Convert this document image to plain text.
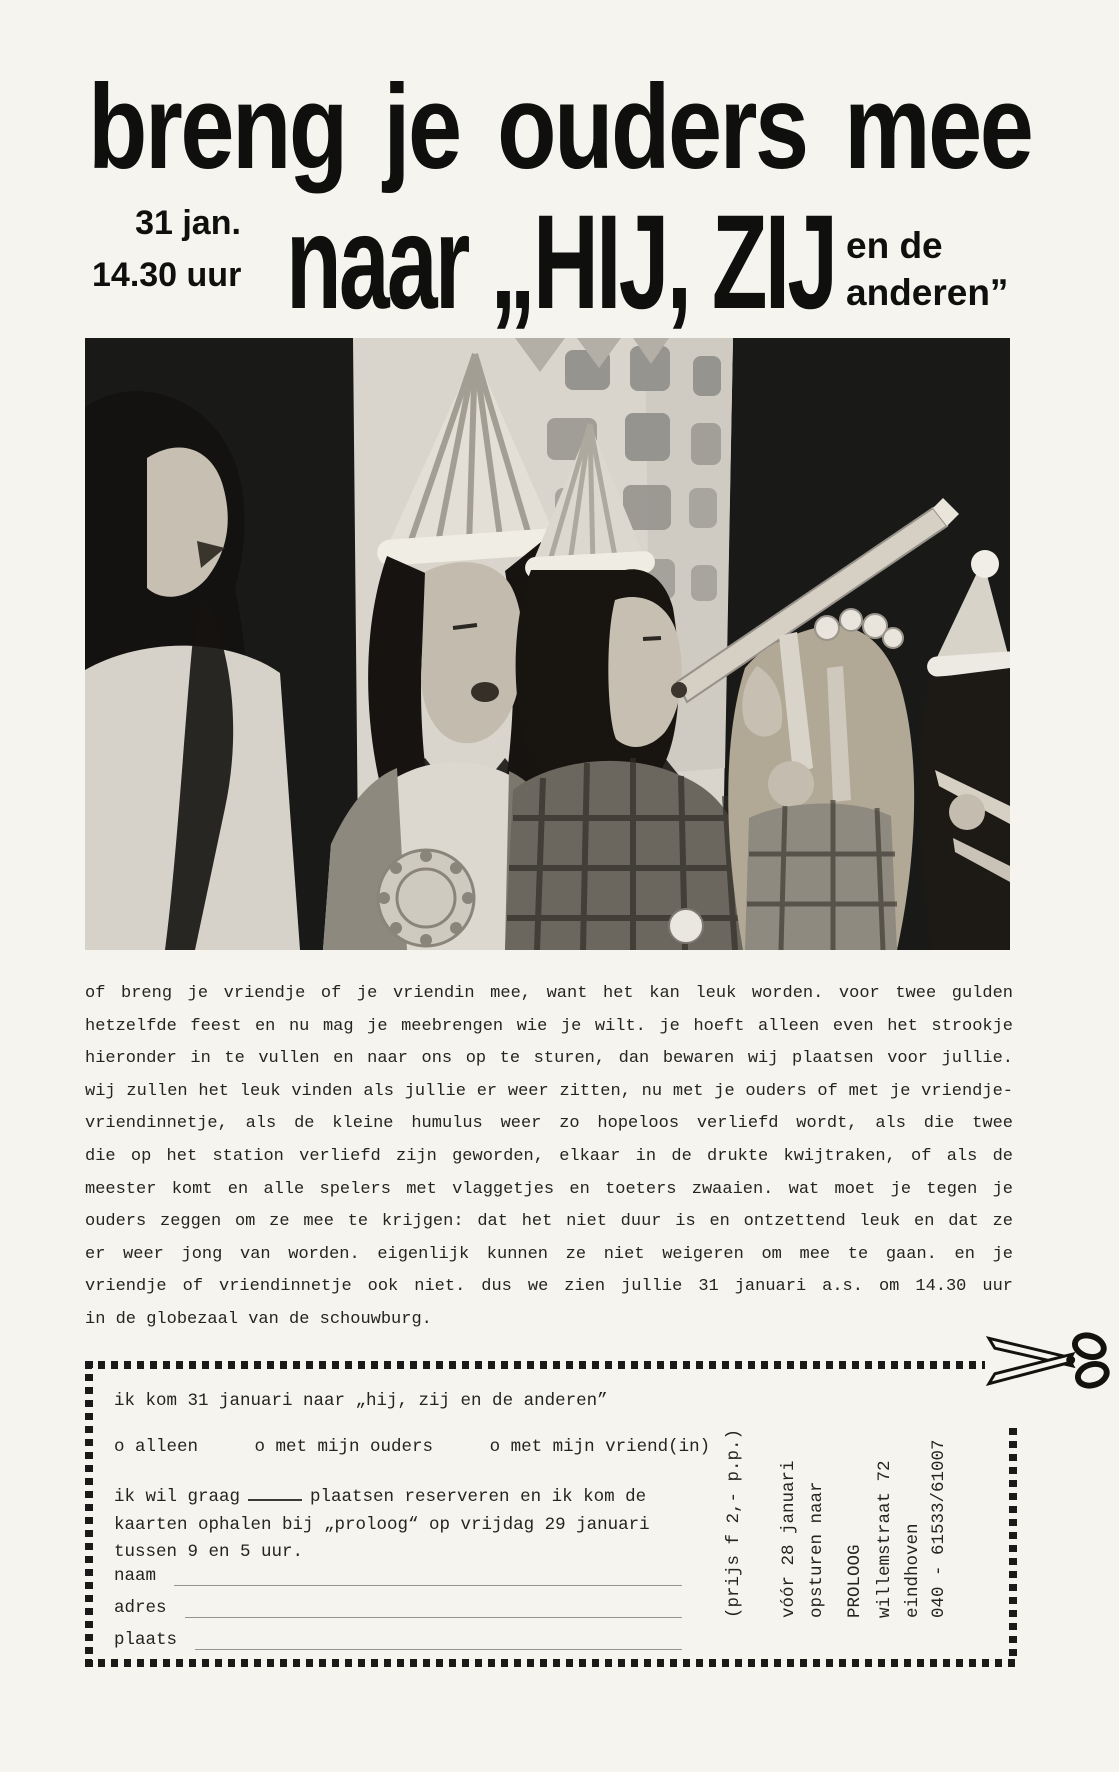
breng je ouders mee
31 jan.
14.30 uur naar „HIJ, ZIJ en de
anderen”
of breng je vriendje of je vriendin mee, want het kan leuk worden. voor twee gulden
hetzelfde feest en nu mag je meebrengen wie je wilt. je hoeft alleen even het strookje
hieronder in te vullen en naar ons op te sturen, dan bewaren wij plaatsen voor jullie.
wij zullen het leuk vinden als jullie er weer zitten, nu met je ouders of met je vriendje-
vriendinnetje, als de kleine humulus weer zo hopeloos verliefd wordt, als die twee
die op het station verliefd zijn geworden, elkaar in de drukte kwijtraken, of als de
meester komt en alle spelers met vlaggetjes en toeters zwaaien. wat moet je tegen je
ouders zeggen om ze mee te krijgen: dat het niet duur is en ontzettend leuk en dat ze
er weer jong van worden. eigenlijk kunnen ze niet weigeren om mee te gaan. en je
vriendje of vriendinnetje ook niet. dus we zien jullie 31 januari a.s. om 14.30 uur
in de globezaal van de schouwburg.
ik kom 31 januari naar „hij, zij en de anderen”
o alleen	o met mijn ouders	o met mijn vriend(in)
ik wil graag	plaatsen reserveren en ik kom de
kaarten ophalen bij „proloog“ op vrijdag 29 januari
tussen 9 en 5 uur.
naam
adres
plaats
(prijs f 2,- p.p.) vóór 28 januari opsturen naar PROLOOG willemstraat 72 eindhoven 040 - 61533/61007
